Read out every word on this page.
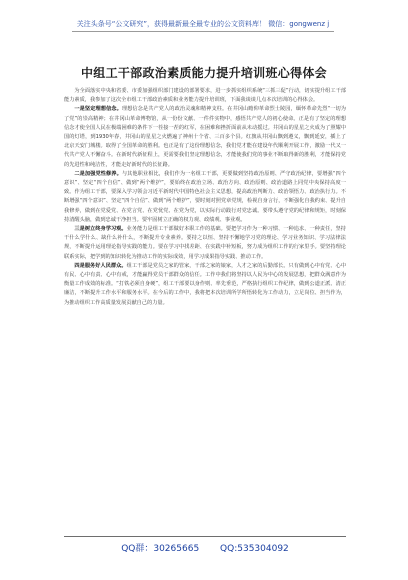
关注头条号“公文研究”，获得最新最全最专业的公文资料库！ 微信：gongwenz j
中组工干部政治素质能力提升培训班心得体会

为全面落实中央和省委、市委加强组织部门建设的部署要求，进一步抓实组织系统“三抓三促”行动，切实提升组工干部能力素质，我参加了这次全市组工干部政治素质和业务能力提升培训班，下面我谈谈几点本次培训的心得体会。

一是坚定理想信念。理想信念是共产党人的政治灵魂和精神支柱。在井冈山瞻仰革命烈士陵园，缅怀革命先烈“一切为了党”的崇高精神；在井冈山革命博物馆，从一份份文献、一件件实物中，感悟共产党人的初心使命。正是有了坚定的理想信念才使全国人民在极端困难的条件下一茬接一茬的红军，在困难和挫折面前从未动摇过。井冈山的星星之火成为了照耀中国的灯塔，到1930年春，井冈山的星星之火燃遍了神州十个省、三百多个县。红旗从井冈山飘到遵义，飘到延安，插上了北京天安门城楼。取得了全国革命的胜利。也正是有了这份理想信念，我们党才能在建设年代顺利开展工作，激励一代又一代共产党人不懈奋斗。在新时代新征程上，更需要我们坚定理想信念，才能使我们党的事业不断取得新的胜利，才能保持党的先进性和纯洁性，才能走好新时代的长征路。

二是加强党性修养。与其他职业相比，我们作为一名组工干部，更要做到坚持政治原则、严守政治纪律，要增强“四个意识”、坚定“四个自信”、做到“两个维护”，要始终在政治立场、政治方向、政治原则、政治道路上同党中央保持高度一致。作为组工干部，要深入学习领会习近平新时代中国特色社会主义思想，提高政治判断力、政治领悟力、政治执行力。不断增强“四个意识”、坚定“四个自信”、做到“两个维护”，要时刻对照党章党规，检视自身言行，不断强化自我约束、提升自我修养，做到在党爱党、在党言党、在党忧党、在党为党，以实际行动践行对党忠诚。要带头遵守党的纪律和规矩，时刻保持清醒头脑，做到忠诚干净担当。要牢固树立正确的权力观、政绩观、事业观。

三是树立终身学习观。业务能力是组工干部做好本职工作的基础。要把学习作为一种习惯、一种追求、一种责任，坚持干什么学什么、缺什么补什么，不断提升专业素养。要持之以恒、坚持不懈地学习党的理论、学习业务知识、学习法律法规，不断提升运用理论指导实践的能力。要在学习中找差距、在实践中补短板，努力成为组织工作的行家里手。要坚持理论联系实际，把学到的知识转化为推动工作的实际成效，用学习成果指导实践、推动工作。

四是服务好人民群众。组工干部是党员之家的管家，干部之家的娘家，人才之家的后勤部长。只有做到心中有党、心中有民、心中有责、心中有戒，才能赢得党员干部群众的信任。工作中我们将坚持以人民为中心的发展思想，把群众满意作为衡量工作成效的标准。“打铁必须自身硬”，组工干部要以身作则、率先垂范，严格执行组织工作纪律，做到公道正派、清正廉洁，不断提升工作水平和服务水平。在今后的工作中，我将把本次培训所学所悟转化为工作动力，立足岗位、担当作为，为推动组织工作高质量发展贡献自己的力量。

QQ群：30265665 QQ:535304092
